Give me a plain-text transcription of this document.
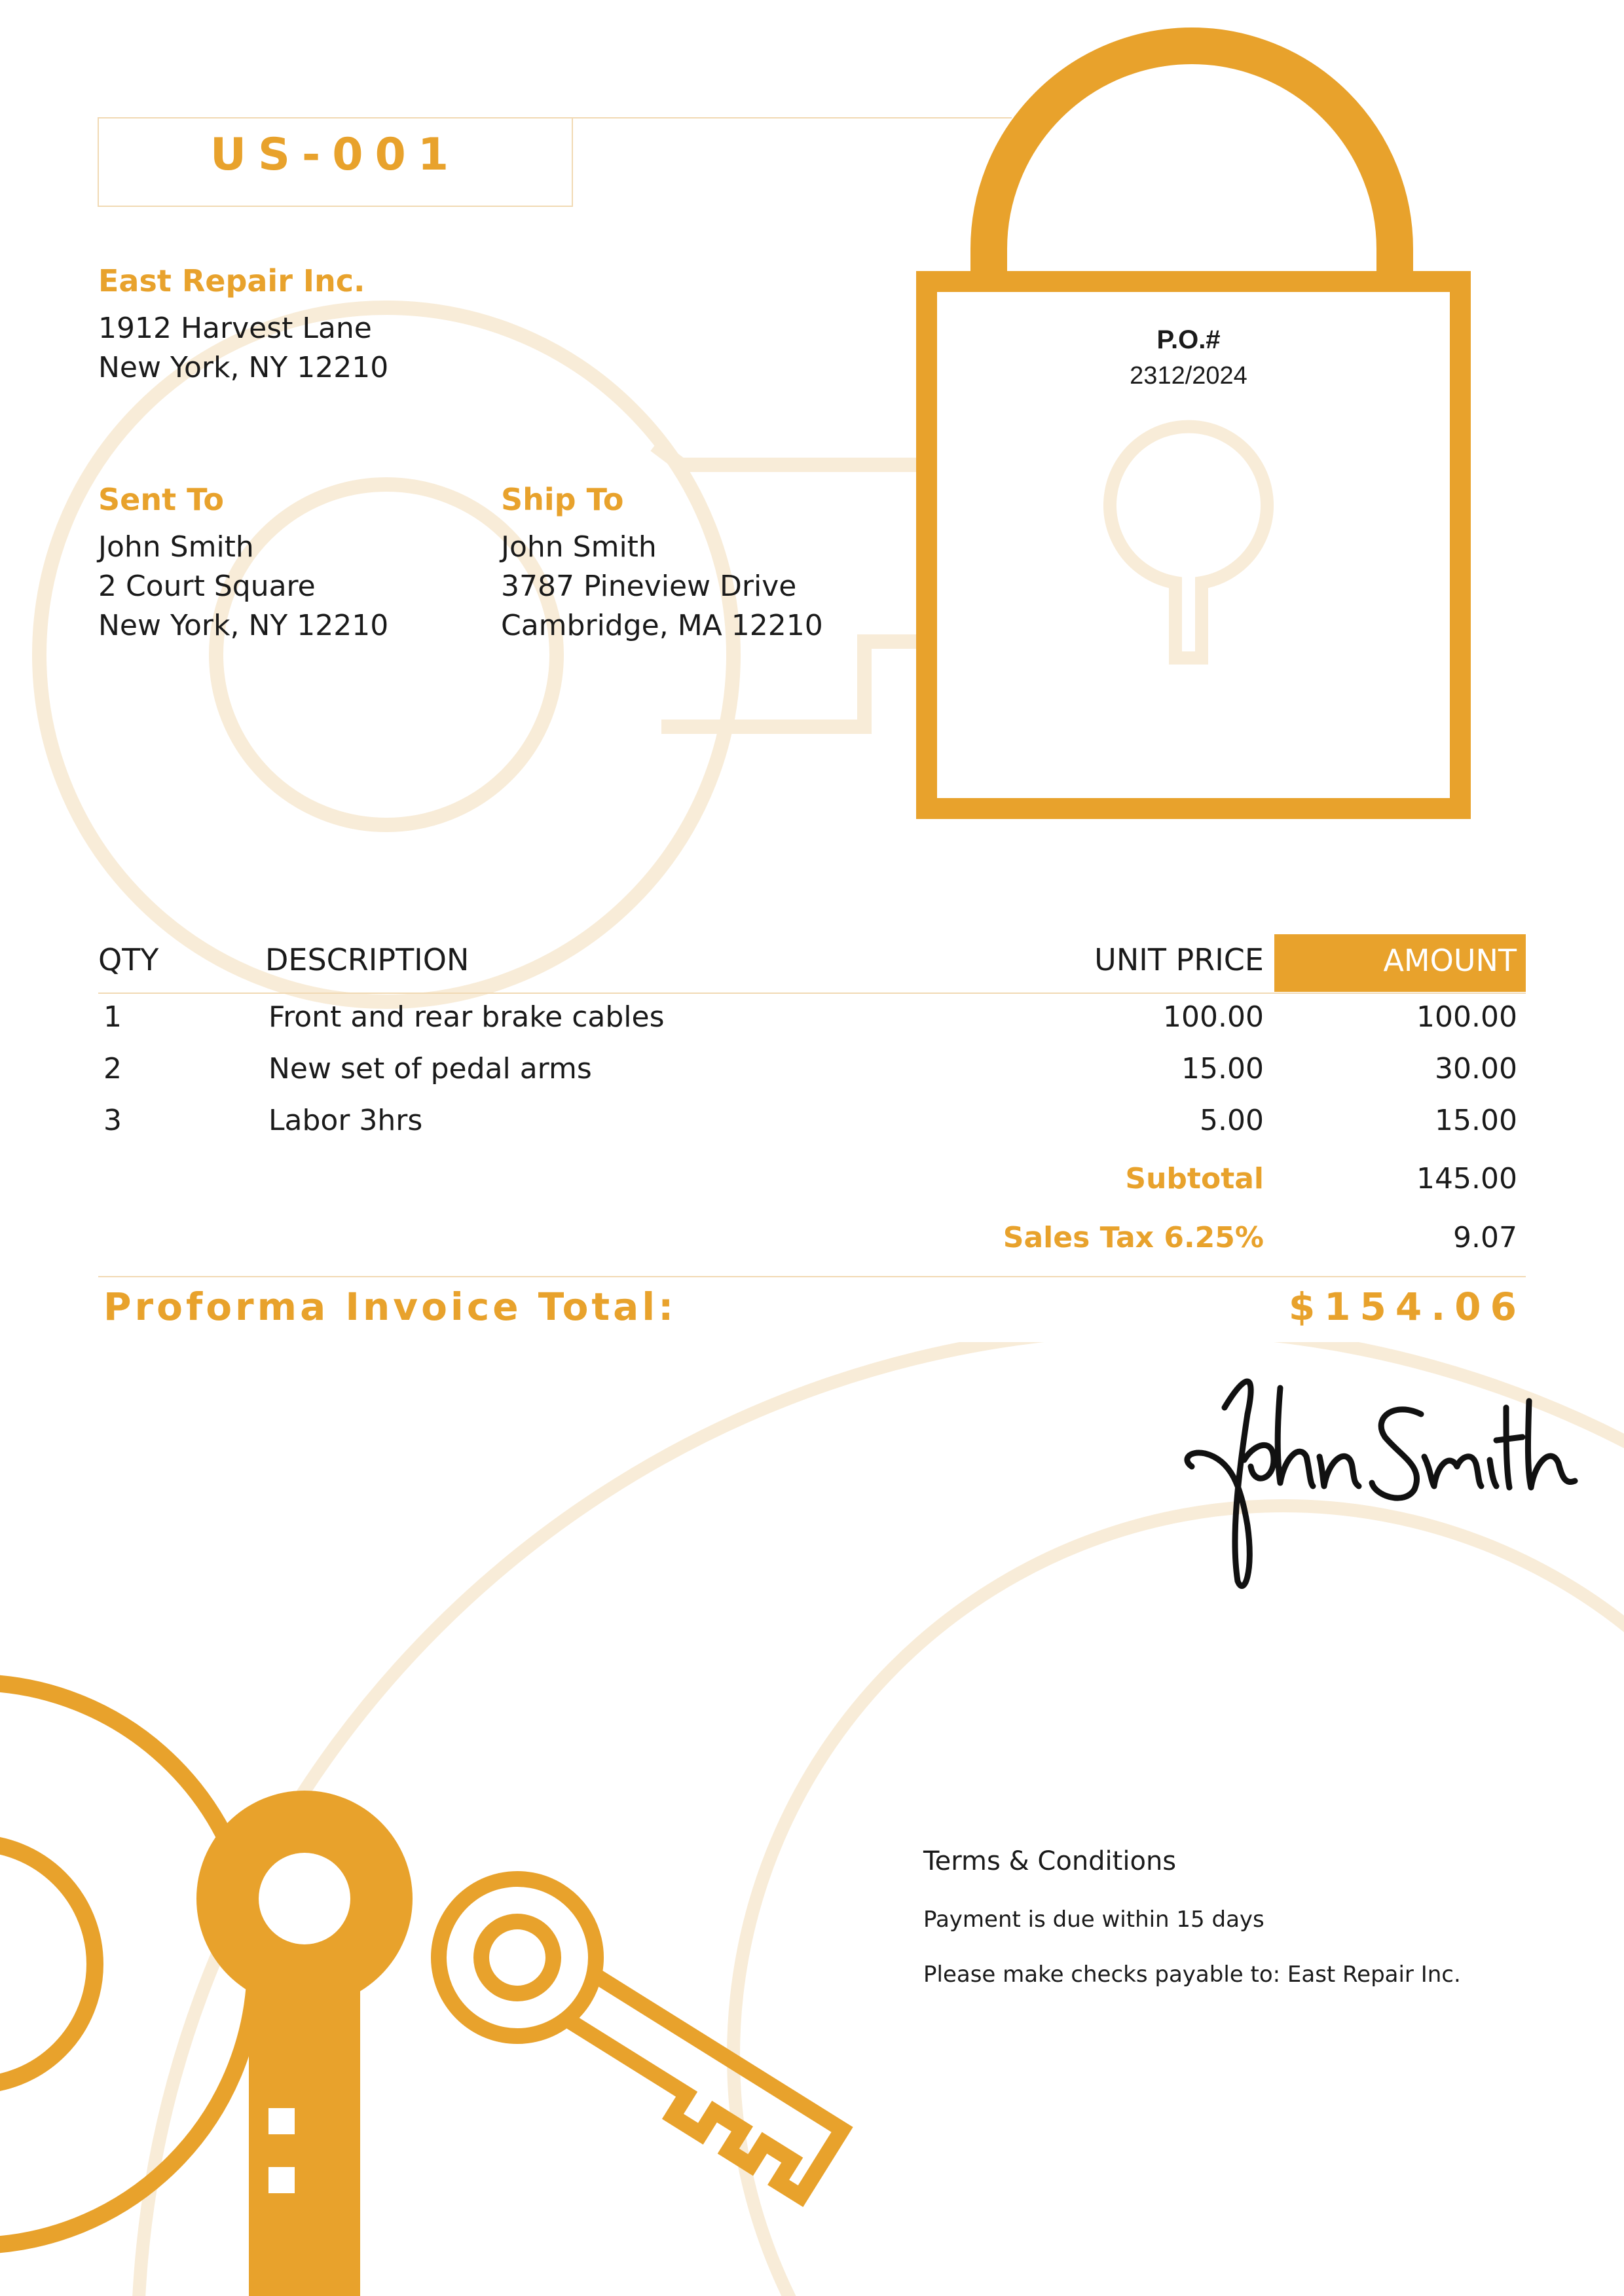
US-001
East Repair Inc.
1912 Harvest Lane
New York, NY 12210
Sent To
John Smith
2 Court Square
New York, NY 12210
Ship To
John Smith
3787 Pineview Drive
Cambridge, MA 12210
P.O.#
2312/2024
QTY	DESCRIPTION	UNIT PRICE	AMOUNT
1	Front and rear brake cables	100.00	100.00
2	New set of pedal arms	15.00	30.00
3	Labor 3hrs	5.00	15.00
Subtotal	145.00
Sales Tax 6.25%	9.07
Proforma Invoice Total:	$154.06
Terms & Conditions
Payment is due within 15 days
Please make checks payable to: East Repair Inc.
